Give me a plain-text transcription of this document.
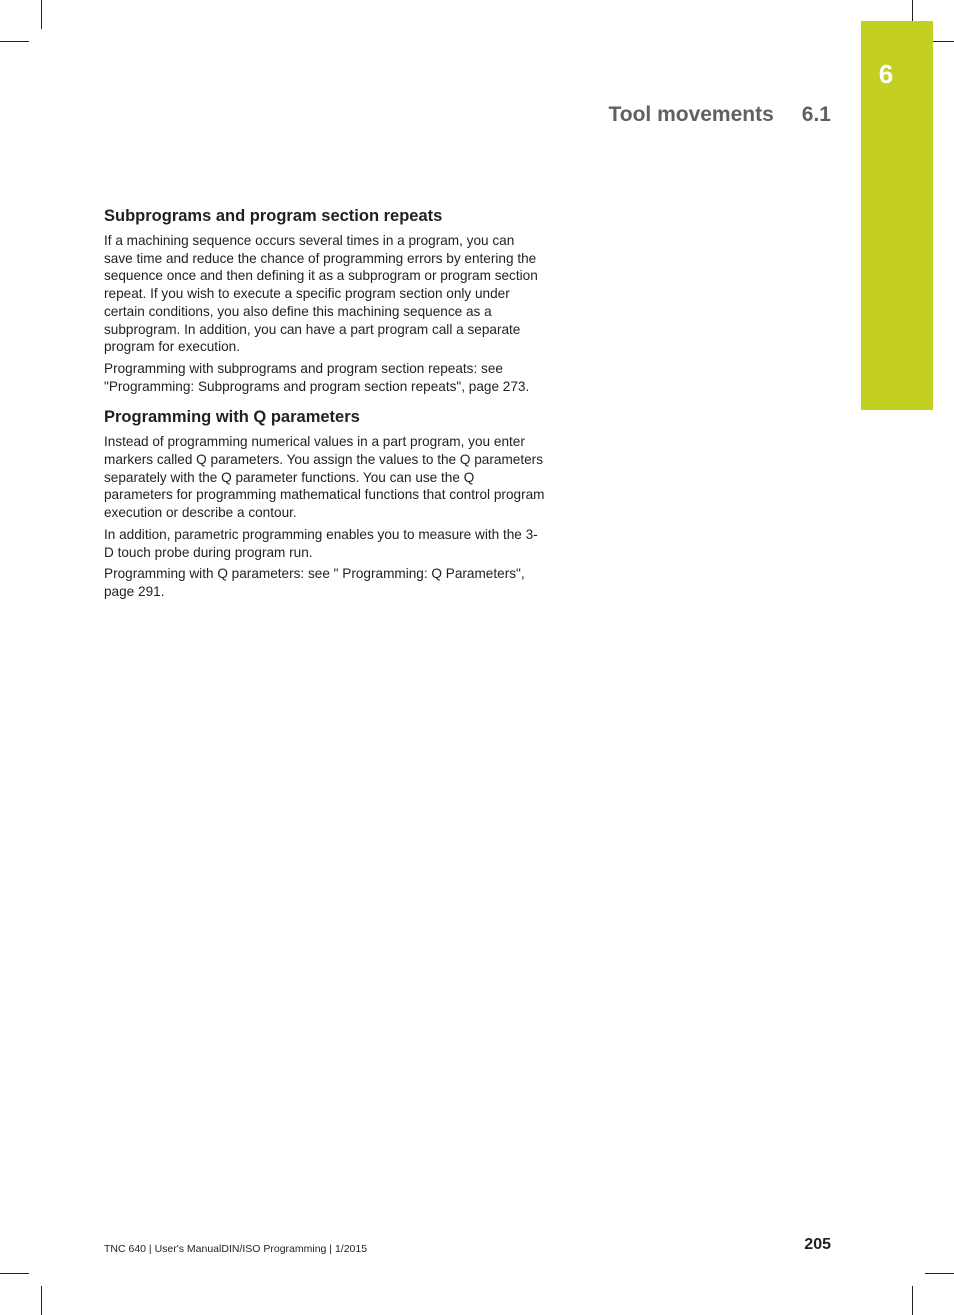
6
Tool movements 6.1
Subprograms and program section repeats

If a machining sequence occurs several times in a program, you can save time and reduce the chance of programming errors by entering the sequence once and then defining it as a subprogram or program section repeat. If you wish to execute a specific program section only under certain conditions, you also define this machining sequence as a subprogram. In addition, you can have a part program call a separate program for execution.

Programming with subprograms and program section repeats: see "Programming: Subprograms and program section repeats", page 273.

Programming with Q parameters

Instead of programming numerical values in a part program, you enter markers called Q parameters. You assign the values to the Q parameters separately with the Q parameter functions. You can use the Q parameters for programming mathematical functions that control program execution or describe a contour.

In addition, parametric programming enables you to measure with the 3-D touch probe during program run.

Programming with Q parameters: see " Programming: Q Parameters", page 291.

TNC 640 | User's ManualDIN/ISO Programming | 1/2015	205
